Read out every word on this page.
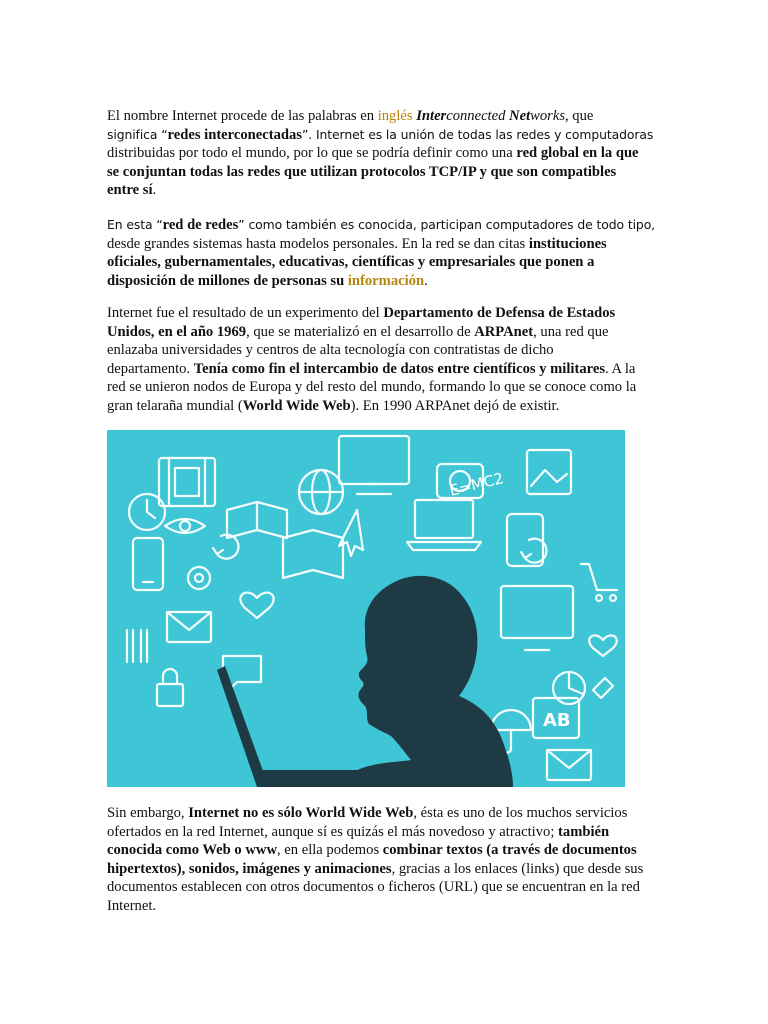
El nombre Internet procede de las palabras en inglés Interconnected Networks, que
significa “redes interconectadas”. Internet es la unión de todas las redes y computadoras
distribuidas por todo el mundo, por lo que se podría definir como una red global en la que
se conjuntan todas las redes que utilizan protocolos TCP/IP y que son compatibles
entre sí.
En esta “red de redes” como también es conocida, participan computadores de todo tipo,
desde grandes sistemas hasta modelos personales. En la red se dan citas instituciones
oficiales, gubernamentales, educativas, científicas y empresariales que ponen a
disposición de millones de personas su información.
Internet fue el resultado de un experimento del Departamento de Defensa de Estados
Unidos, en el año 1969, que se materializó en el desarrollo de ARPAnet, una red que
enlazaba universidades y centros de alta tecnología con contratistas de dicho
departamento. Tenía como fin el intercambio de datos entre científicos y militares. A la
red se unieron nodos de Europa y del resto del mundo, formando lo que se conoce como la
gran telaraña mundial (World Wide Web). En 1990 ARPAnet dejó de existir.
E=MC2
AB
Sin embargo, Internet no es sólo World Wide Web, ésta es uno de los muchos servicios
ofertados en la red Internet, aunque sí es quizás el más novedoso y atractivo; también
conocida como Web o www, en ella podemos combinar textos (a través de documentos
hipertextos), sonidos, imágenes y animaciones, gracias a los enlaces (links) que desde sus
documentos establecen con otros documentos o ficheros (URL) que se encuentran en la red
Internet.
